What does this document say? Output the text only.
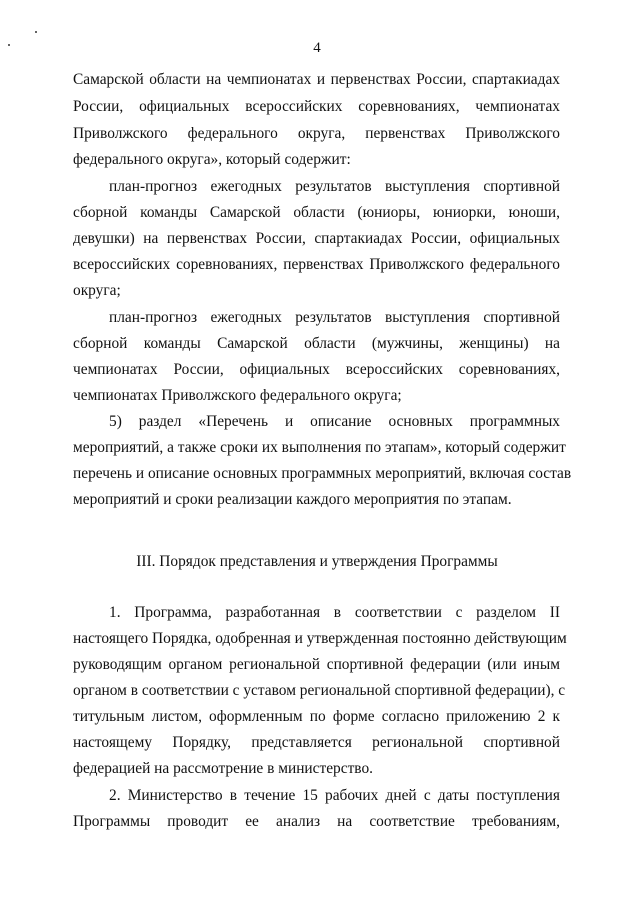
4
Самарской области на чемпионатах и первенствах России, спартакиадах
России, официальных всероссийских соревнованиях, чемпионатах
Приволжского федерального округа, первенствах Приволжского
федерального округа», который содержит:
план-прогноз ежегодных результатов выступления спортивной
сборной команды Самарской области (юниоры, юниорки, юноши,
девушки) на первенствах России, спартакиадах России, официальных
всероссийских соревнованиях, первенствах Приволжского федерального
округа;
план-прогноз ежегодных результатов выступления спортивной
сборной команды Самарской области (мужчины, женщины) на
чемпионатах России, официальных всероссийских соревнованиях,
чемпионатах Приволжского федерального округа;
5) раздел «Перечень и описание основных программных
мероприятий, а также сроки их выполнения по этапам», который содержит
перечень и описание основных программных мероприятий, включая состав
мероприятий и сроки реализации каждого мероприятия по этапам.
III. Порядок представления и утверждения Программы
1. Программа, разработанная в соответствии с разделом II
настоящего Порядка, одобренная и утвержденная постоянно действующим
руководящим органом региональной спортивной федерации (или иным
органом в соответствии с уставом региональной спортивной федерации), с
титульным листом, оформленным по форме согласно приложению 2 к
настоящему Порядку, представляется региональной спортивной
федерацией на рассмотрение в министерство.
2. Министерство в течение 15 рабочих дней с даты поступления
Программы проводит ее анализ на соответствие требованиям,
